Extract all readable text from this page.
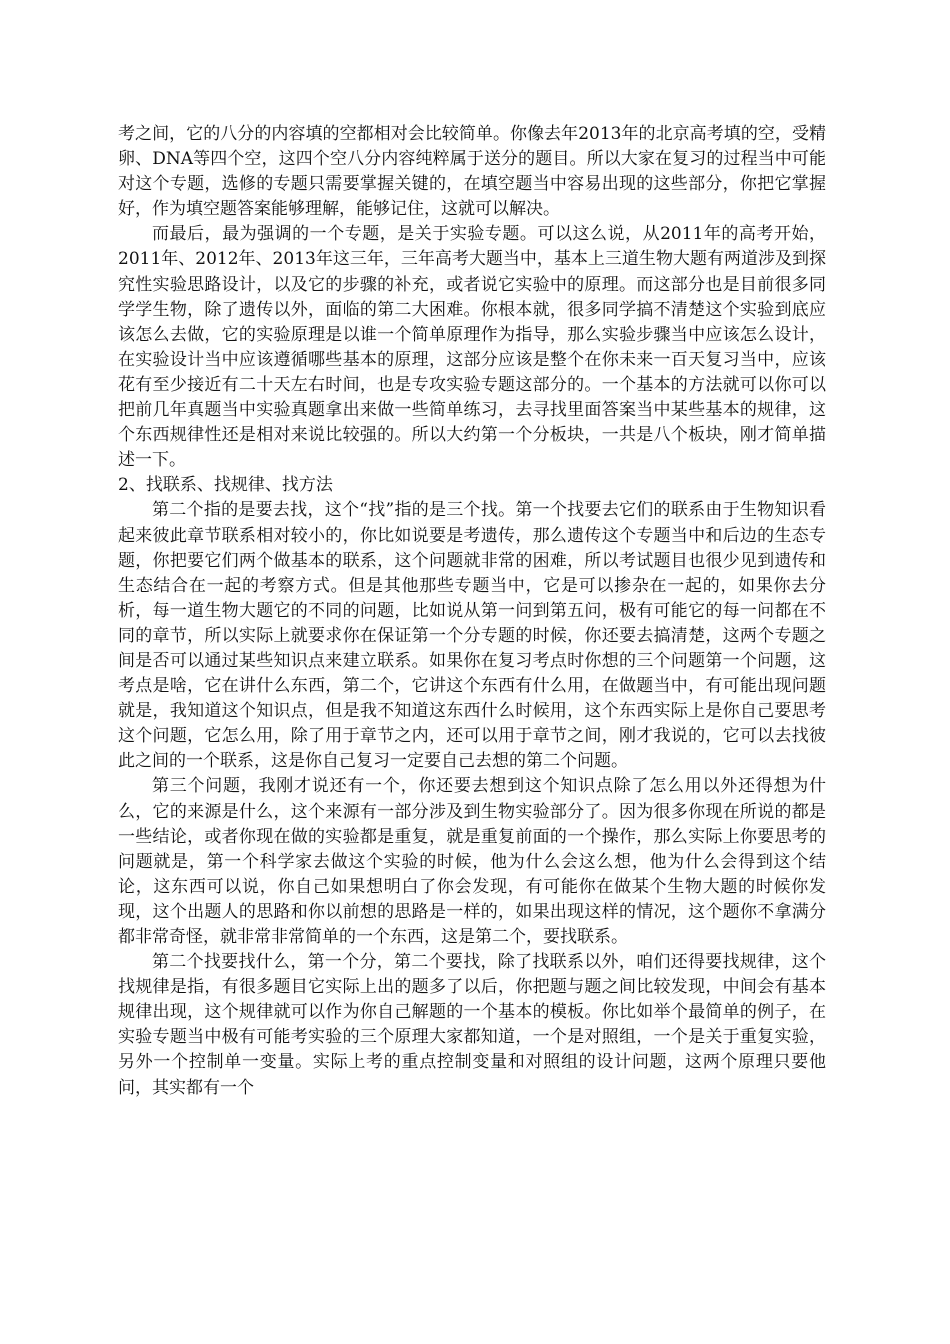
考之间，它的八分的内容填的空都相对会比较简单。你像去年2013年的北京高考填的空，受精卵、DNA等四个空，这四个空八分内容纯粹属于送分的题目。所以大家在复习的过程当中可能对这个专题，选修的专题只需要掌握关键的，在填空题当中容易出现的这些部分，你把它掌握好，作为填空题答案能够理解，能够记住，这就可以解决。

而最后，最为强调的一个专题，是关于实验专题。可以这么说，从2011年的高考开始，2011年、2012年、2013年这三年，三年高考大题当中，基本上三道生物大题有两道涉及到探究性实验思路设计，以及它的步骤的补充，或者说它实验中的原理。而这部分也是目前很多同学学生物，除了遗传以外，面临的第二大困难。你根本就，很多同学搞不清楚这个实验到底应该怎么去做，它的实验原理是以谁一个简单原理作为指导，那么实验步骤当中应该怎么设计，在实验设计当中应该遵循哪些基本的原理，这部分应该是整个在你未来一百天复习当中，应该花有至少接近有二十天左右时间，也是专攻实验专题这部分的。一个基本的方法就可以你可以把前几年真题当中实验真题拿出来做一些简单练习，去寻找里面答案当中某些基本的规律，这个东西规律性还是相对来说比较强的。所以大约第一个分板块，一共是八个板块，刚才简单描述一下。

2、找联系、找规律、找方法

第二个指的是要去找，这个“找”指的是三个找。第一个找要去它们的联系由于生物知识看起来彼此章节联系相对较小的，你比如说要是考遗传，那么遗传这个专题当中和后边的生态专题，你把要它们两个做基本的联系，这个问题就非常的困难，所以考试题目也很少见到遗传和生态结合在一起的考察方式。但是其他那些专题当中，它是可以掺杂在一起的，如果你去分析，每一道生物大题它的不同的问题，比如说从第一问到第五问，极有可能它的每一问都在不同的章节，所以实际上就要求你在保证第一个分专题的时候，你还要去搞清楚，这两个专题之间是否可以通过某些知识点来建立联系。如果你在复习考点时你想的三个问题第一个问题，这考点是啥，它在讲什么东西，第二个，它讲这个东西有什么用，在做题当中，有可能出现问题就是，我知道这个知识点，但是我不知道这东西什么时候用，这个东西实际上是你自己要思考这个问题，它怎么用，除了用于章节之内，还可以用于章节之间，刚才我说的，它可以去找彼此之间的一个联系，这是你自己复习一定要自己去想的第二个问题。

第三个问题，我刚才说还有一个，你还要去想到这个知识点除了怎么用以外还得想为什么，它的来源是什么，这个来源有一部分涉及到生物实验部分了。因为很多你现在所说的都是一些结论，或者你现在做的实验都是重复，就是重复前面的一个操作，那么实际上你要思考的问题就是，第一个科学家去做这个实验的时候，他为什么会这么想，他为什么会得到这个结论，这东西可以说，你自己如果想明白了你会发现，有可能你在做某个生物大题的时候你发现，这个出题人的思路和你以前想的思路是一样的，如果出现这样的情况，这个题你不拿满分都非常奇怪，就非常非常简单的一个东西，这是第二个，要找联系。

第二个找要找什么，第一个分，第二个要找，除了找联系以外，咱们还得要找规律，这个找规律是指，有很多题目它实际上出的题多了以后，你把题与题之间比较发现，中间会有基本规律出现，这个规律就可以作为你自己解题的一个基本的模板。你比如举个最简单的例子，在实验专题当中极有可能考实验的三个原理大家都知道，一个是对照组，一个是关于重复实验，另外一个控制单一变量。实际上考的重点控制变量和对照组的设计问题，这两个原理只要他问，其实都有一个
